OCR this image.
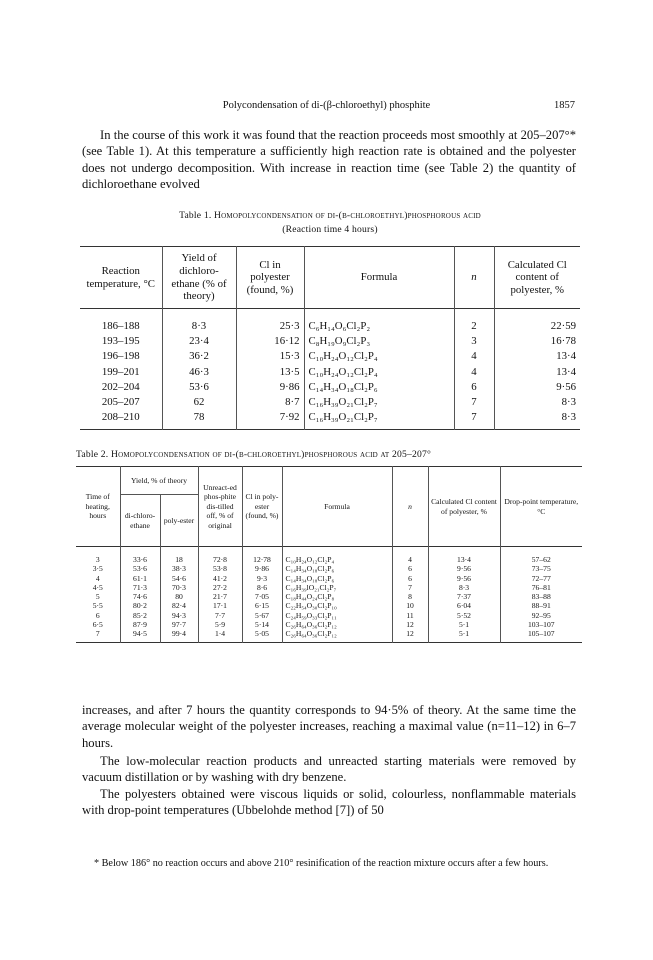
Polycondensation of di-(β-chloroethyl) phosphite	1857

In the course of this work it was found that the reaction proceeds most smoothly at 205–207°* (see Table 1). At this temperature a sufficiently high reaction rate is obtained and the polyester does not undergo decomposition. With increase in reaction time (see Table 2) the quantity of dichloroethane evolved

Table 1. Homopolycondensation of di-(β-chloroethyl)phosphorous acid
(Reaction time 4 hours)
Reaction temperature, °C	Yield of dichloro-ethane (% of theory)	Cl in polyester (found, %)	Formula	n	Calculated Cl content of polyester, %
186–188	8·3	25·3	C₆H₁₄O₆Cl₂P₂	2	22·59
193–195	23·4	16·12	C₈H₁₉O₉Cl₂P₃	3	16·78
196–198	36·2	15·3	C₁₀H₂₄O₁₂Cl₂P₄	4	13·4
199–201	46·3	13·5	C₁₀H₂₄O₁₂Cl₂P₄	4	13·4
202–204	53·6	9·86	C₁₄H₃₄O₁₈Cl₂P₆	6	9·56
205–207	62	8·7	C₁₆H₃₉O₂₁Cl₂P₇	7	8·3
208–210	78	7·92	C₁₆H₃₉O₂₁Cl₂P₇	7	8·3
Table 2. Homopolycondensation of di-(β-chloroethyl)phosphorous acid at 205–207°
Time of heating, hours	Yield, % of theory		Unreact-ed phos-phite dis-tilled off, % of original	Cl in poly-ester (found, %)	Formula	n	Calculated Cl content of polyester, %	Drop-point temperature, °C
	di-chloro-ethane	poly-ester						
3	33·6	18	72·8	12·78	C₁₀H₂₄O₁₂Cl₂P₄	4	13·4	57–62
3·5	53·6	38·3	53·8	9·86	C₁₄H₃₄O₁₈Cl₂P₆	6	9·56	73–75
4	61·1	54·6	41·2	9·3	C₁₄H₃₄O₁₈Cl₂P₆	6	9·56	72–77
4·5	71·3	70·3	27·2	8·6	C₁₆H₃₉lO₂₁Cl₂P₇	7	8·3	76–81
5	74·6	80	21·7	7·05	C₁₈H₄₄O₂₄Cl₂P₈	8	7·37	83–88
5·5	80·2	82·4	17·1	6·15	C₂₂H₅₄O₃₀Cl₂P₁₀	10	6·04	88–91
6	85·2	94·3	7·7	5·67	C₂₄H₅₉O₃₃Cl₂P₁₁	11	5·52	92–95
6·5	87·9	97·7	5·9	5·14	C₂₆H₆₄O₃₆Cl₂P₁₂	12	5·1	103–107
7	94·5	99·4	1·4	5·05	C₂₆H₆₄O₃₆Cl₂P₁₂	12	5·1	105–107

increases, and after 7 hours the quantity corresponds to 94·5% of theory. At the same time the average molecular weight of the polyester increases, reaching a maximal value (n=11–12) in 6–7 hours.

The low-molecular reaction products and unreacted starting materials were removed by vacuum distillation or by washing with dry benzene.

The polyesters obtained were viscous liquids or solid, colourless, nonflammable materials with drop-point temperatures (Ubbelohde method [7]) of 50

* Below 186° no reaction occurs and above 210° resinification of the reaction mixture occurs after a few hours.
